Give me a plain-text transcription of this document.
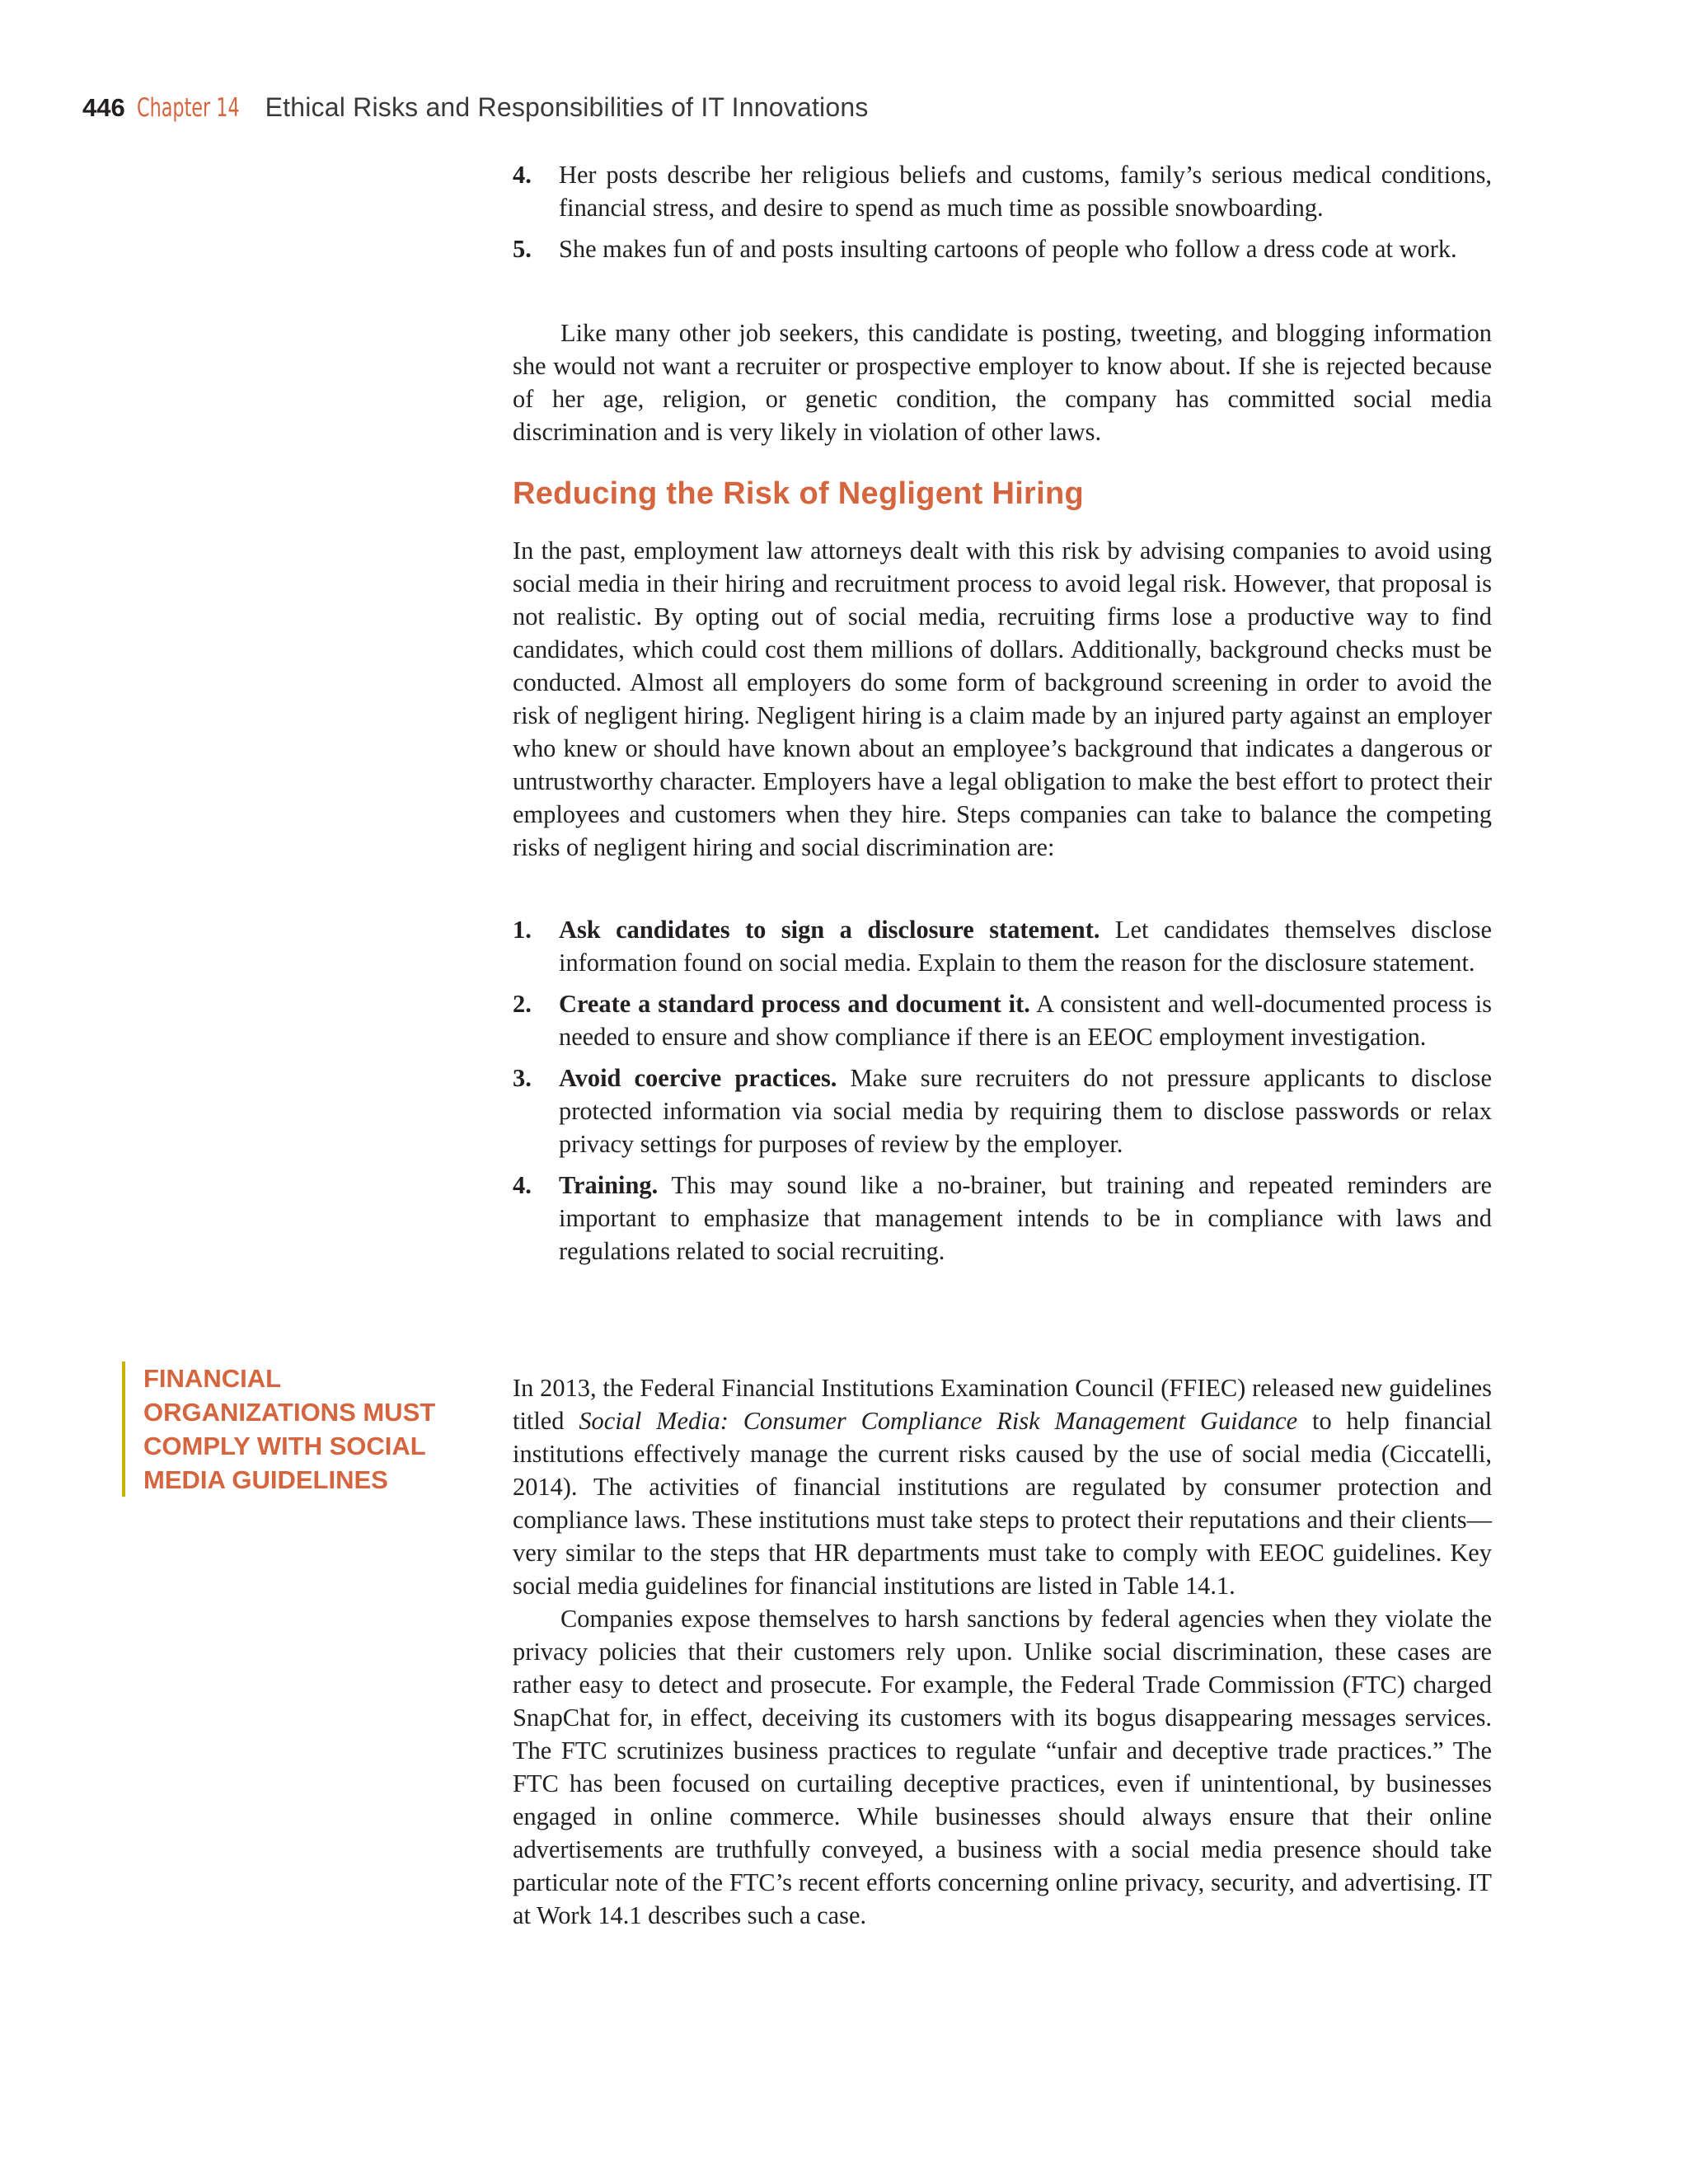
446 Chapter 14 Ethical Risks and Responsibilities of IT Innovations
4. Her posts describe her religious beliefs and customs, family’s serious medical conditions, financial stress, and desire to spend as much time as possible snowboarding.
5. She makes fun of and posts insulting cartoons of people who follow a dress code at work.

Like many other job seekers, this candidate is posting, tweeting, and blogging information she would not want a recruiter or prospective employer to know about. If she is rejected because of her age, religion, or genetic condition, the company has committed social media discrimination and is very likely in violation of other laws.

Reducing the Risk of Negligent Hiring

In the past, employment law attorneys dealt with this risk by advising companies to avoid using social media in their hiring and recruitment process to avoid legal risk. However, that proposal is not realistic. By opting out of social media, recruiting firms lose a productive way to find candidates, which could cost them millions of dollars. Additionally, background checks must be conducted. Almost all employers do some form of background screening in order to avoid the risk of negligent hiring. Negligent hiring is a claim made by an injured party against an employer who knew or should have known about an employee’s background that indicates a dangerous or untrustworthy character. Employers have a legal obligation to make the best effort to protect their employees and customers when they hire. Steps companies can take to balance the competing risks of negligent hiring and social discrimination are:

1. Ask candidates to sign a disclosure statement. Let candidates themselves disclose information found on social media. Explain to them the reason for the disclosure statement.
2. Create a standard process and document it. A consistent and well-documented process is needed to ensure and show compliance if there is an EEOC employment investigation.
3. Avoid coercive practices. Make sure recruiters do not pressure applicants to disclose protected information via social media by requiring them to disclose passwords or relax privacy settings for purposes of review by the employer.
4. Training. This may sound like a no-brainer, but training and repeated reminders are important to emphasize that management intends to be in compliance with laws and regulations related to social recruiting.
FINANCIAL
ORGANIZATIONS MUST
COMPLY WITH SOCIAL
MEDIA GUIDELINES

In 2013, the Federal Financial Institutions Examination Council (FFIEC) released new guidelines titled Social Media: Consumer Compliance Risk Management Guidance to help financial institutions effectively manage the current risks caused by the use of social media (Ciccatelli, 2014). The activities of financial institutions are regulated by consumer protection and compliance laws. These institutions must take steps to protect their reputations and their clients—very similar to the steps that HR departments must take to comply with EEOC guidelines. Key social media guidelines for financial institutions are listed in Table 14.1.

Companies expose themselves to harsh sanctions by federal agencies when they violate the privacy policies that their customers rely upon. Unlike social discrimination, these cases are rather easy to detect and prosecute. For example, the Federal Trade Commission (FTC) charged SnapChat for, in effect, deceiving its customers with its bogus disappearing messages services. The FTC scrutinizes business practices to regulate “unfair and deceptive trade practices.” The FTC has been focused on curtailing deceptive practices, even if unintentional, by businesses engaged in online commerce. While businesses should always ensure that their online advertisements are truthfully conveyed, a business with a social media presence should take particular note of the FTC’s recent efforts concerning online privacy, security, and advertising. IT at Work 14.1 describes such a case.
